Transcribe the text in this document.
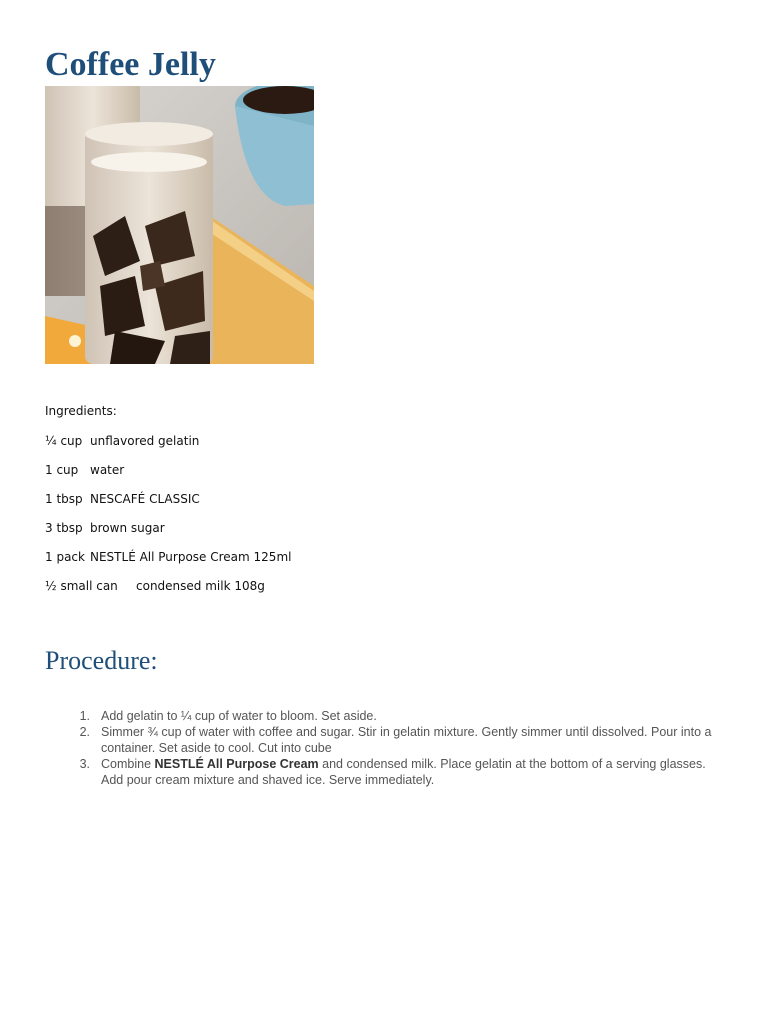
Coffee Jelly

Ingredients:

¼ cup unflavored gelatin
1 cup water
1 tbsp NESCAFÉ CLASSIC
3 tbsp brown sugar
1 pack NESTLÉ All Purpose Cream 125ml
½ small can	condensed milk 108g
Procedure:
1. Add gelatin to ¼ cup of water to bloom. Set aside.
2. Simmer ¾ cup of water with coffee and sugar. Stir in gelatin mixture. Gently simmer until dissolved. Pour into a container. Set aside to cool. Cut into cube
3. Combine NESTLÉ All Purpose Cream and condensed milk. Place gelatin at the bottom of a serving glasses. Add pour cream mixture and shaved ice. Serve immediately.
